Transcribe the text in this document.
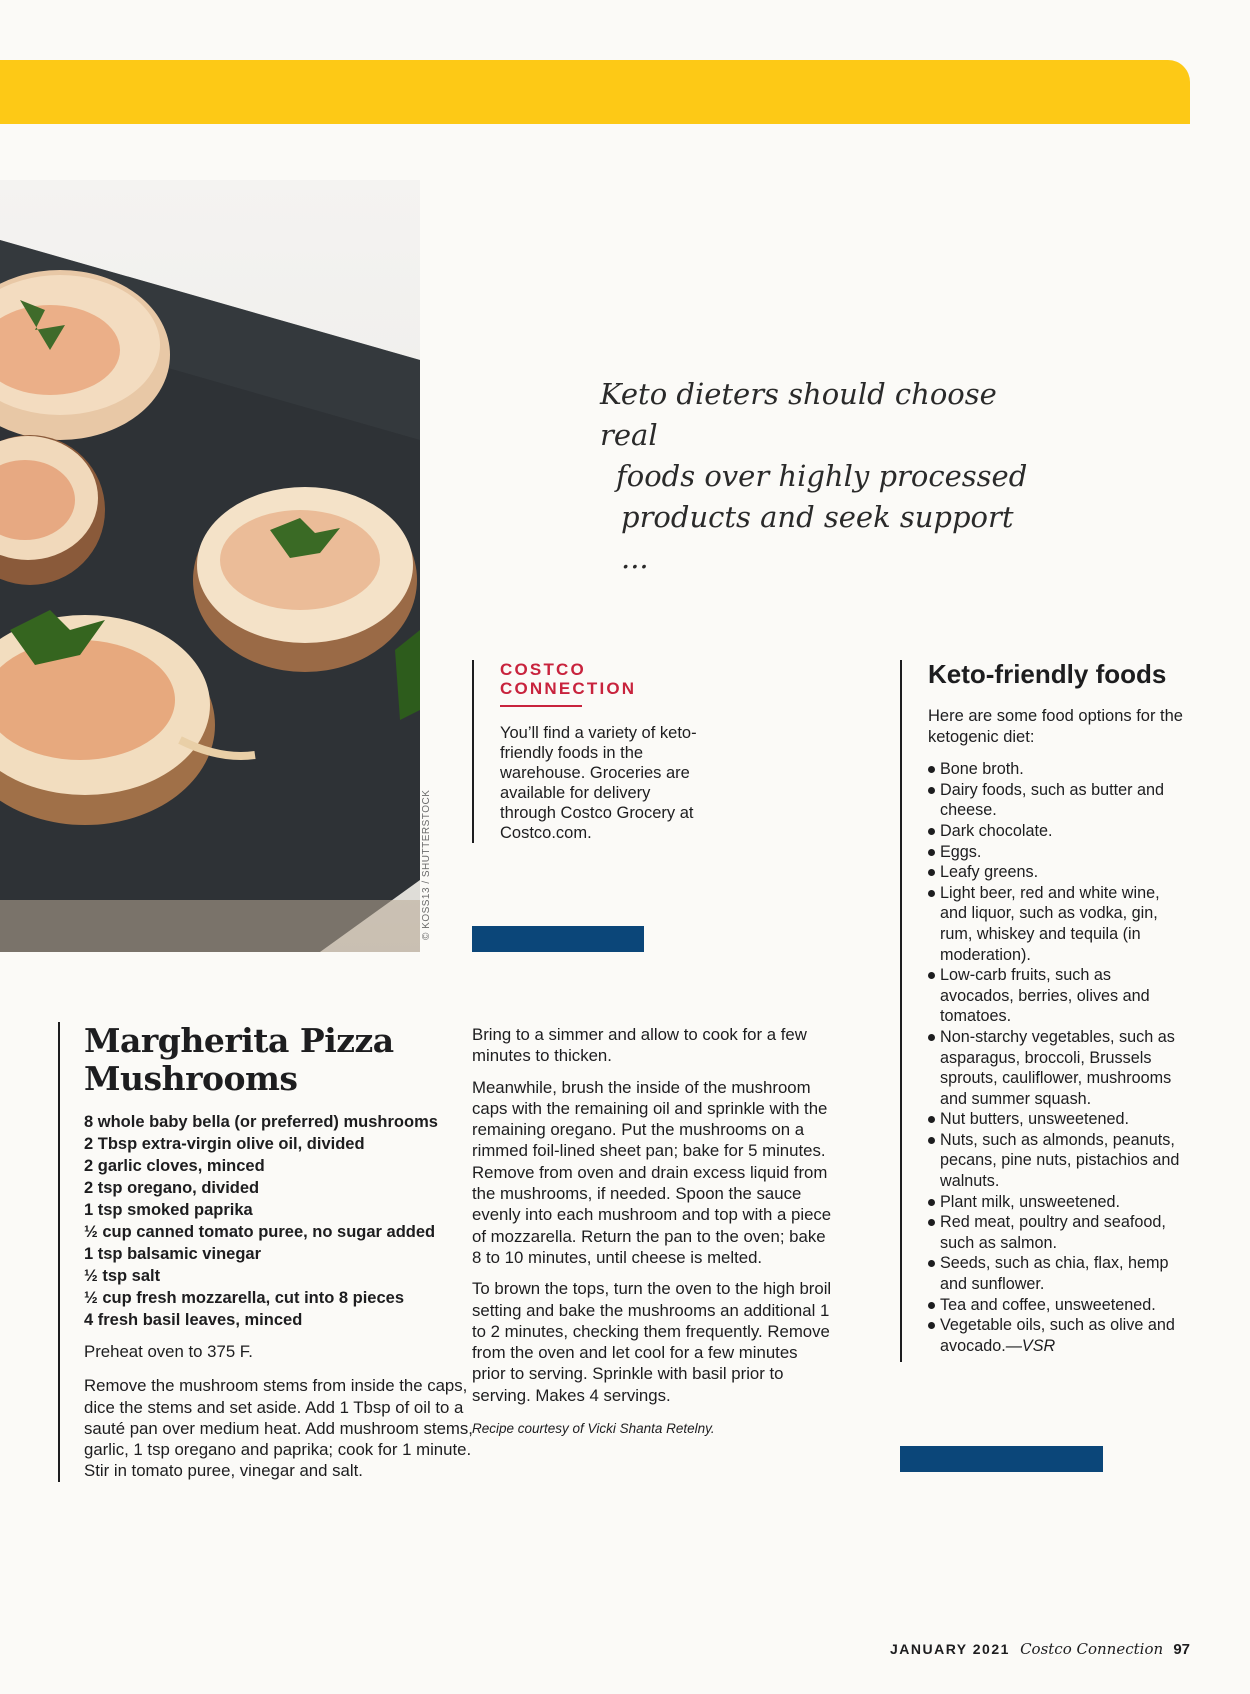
© KOSS13 / SHUTTERSTOCK
Keto dieters should choose real
foods over highly processed
products and seek support ...
COSTCO
CONNECTION
You’ll find a variety of keto-friendly foods in the warehouse. Groceries are available for delivery through Costco Grocery at Costco.com.
Margherita Pizza Mushrooms
8 whole baby bella (or preferred) mushrooms
2 Tbsp extra-virgin olive oil, divided
2 garlic cloves, minced
2 tsp oregano, divided
1 tsp smoked paprika
½ cup canned tomato puree, no sugar added
1 tsp balsamic vinegar
½ tsp salt
½ cup fresh mozzarella, cut into 8 pieces
4 fresh basil leaves, minced

Preheat oven to 375 F.

Remove the mushroom stems from inside the caps, dice the stems and set aside. Add 1 Tbsp of oil to a sauté pan over medium heat. Add mushroom stems, garlic, 1 tsp oregano and paprika; cook for 1 minute. Stir in tomato puree, vinegar and salt.

Bring to a simmer and allow to cook for a few minutes to thicken.

Meanwhile, brush the inside of the mushroom caps with the remaining oil and sprinkle with the remaining oregano. Put the mushrooms on a rimmed foil-lined sheet pan; bake for 5 minutes. Remove from oven and drain excess liquid from the mushrooms, if needed. Spoon the sauce evenly into each mushroom and top with a piece of mozzarella. Return the pan to the oven; bake 8 to 10 minutes, until cheese is melted.

To brown the tops, turn the oven to the high broil setting and bake the mushrooms an additional 1 to 2 minutes, checking them frequently. Remove from the oven and let cool for a few minutes prior to serving. Sprinkle with basil prior to serving. Makes 4 servings.

Recipe courtesy of Vicki Shanta Retelny.

Keto-friendly foods

Here are some food options for the ketogenic diet:

Bone broth.
Dairy foods, such as butter and cheese.
Dark chocolate.
Eggs.
Leafy greens.
Light beer, red and white wine, and liquor, such as vodka, gin, rum, whiskey and tequila (in moderation).
Low-carb fruits, such as avocados, berries, olives and tomatoes.
Non-starchy vegetables, such as asparagus, broccoli, Brussels sprouts, cauliflower, mushrooms and summer squash.
Nut butters, unsweetened.
Nuts, such as almonds, peanuts, pecans, pine nuts, pistachios and walnuts.
Plant milk, unsweetened.
Red meat, poultry and seafood, such as salmon.
Seeds, such as chia, flax, hemp and sunflower.
Tea and coffee, unsweetened.
Vegetable oils, such as olive and avocado.—VSR
JANUARY 2021 Costco Connection 97
